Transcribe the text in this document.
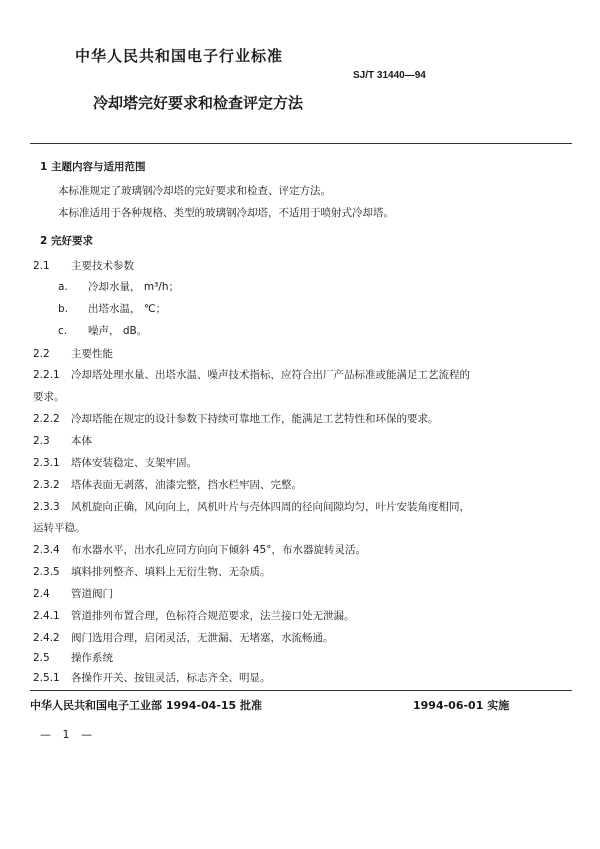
中华人民共和国电子行业标准
SJ/T 31440—94
冷却塔完好要求和检查评定方法
1 主题内容与适用范围
本标准规定了玻璃钢冷却塔的完好要求和检查、评定方法。
本标准适用于各种规格、类型的玻璃钢冷却塔，不适用于喷射式冷却塔。
2 完好要求
2.1 主要技术参数
a. 冷却水量， m³/h；
b. 出塔水温， ℃；
c. 噪声， dB。
2.2 主要性能
2.2.1 冷却塔处理水量、出塔水温、噪声技术指标，应符合出厂产品标准或能满足工艺流程的
要求。
2.2.2 冷却塔能在规定的设计参数下持续可靠地工作，能满足工艺特性和环保的要求。
2.3 本体
2.3.1 塔体安装稳定、支架牢固。
2.3.2 塔体表面无剥落，油漆完整，挡水栏牢固、完整。
2.3.3 风机旋向正确，风向向上，风机叶片与壳体四周的径向间隙均匀，叶片安装角度相同，
运转平稳。
2.3.4 布水器水平，出水孔应同方向向下倾斜 45°，布水器旋转灵活。
2.3.5 填料排列整齐、填料上无衍生物、无杂质。
2.4 管道阀门
2.4.1 管道排列布置合理，色标符合规范要求，法兰接口处无泄漏。
2.4.2 阀门选用合理，启闭灵活，无泄漏、无堵塞，水流畅通。
2.5 操作系统
2.5.1 各操作开关、按钮灵活，标志齐全、明显。
中华人民共和国电子工业部 1994-04-15 批准	1994-06-01 实施
— 1 —
